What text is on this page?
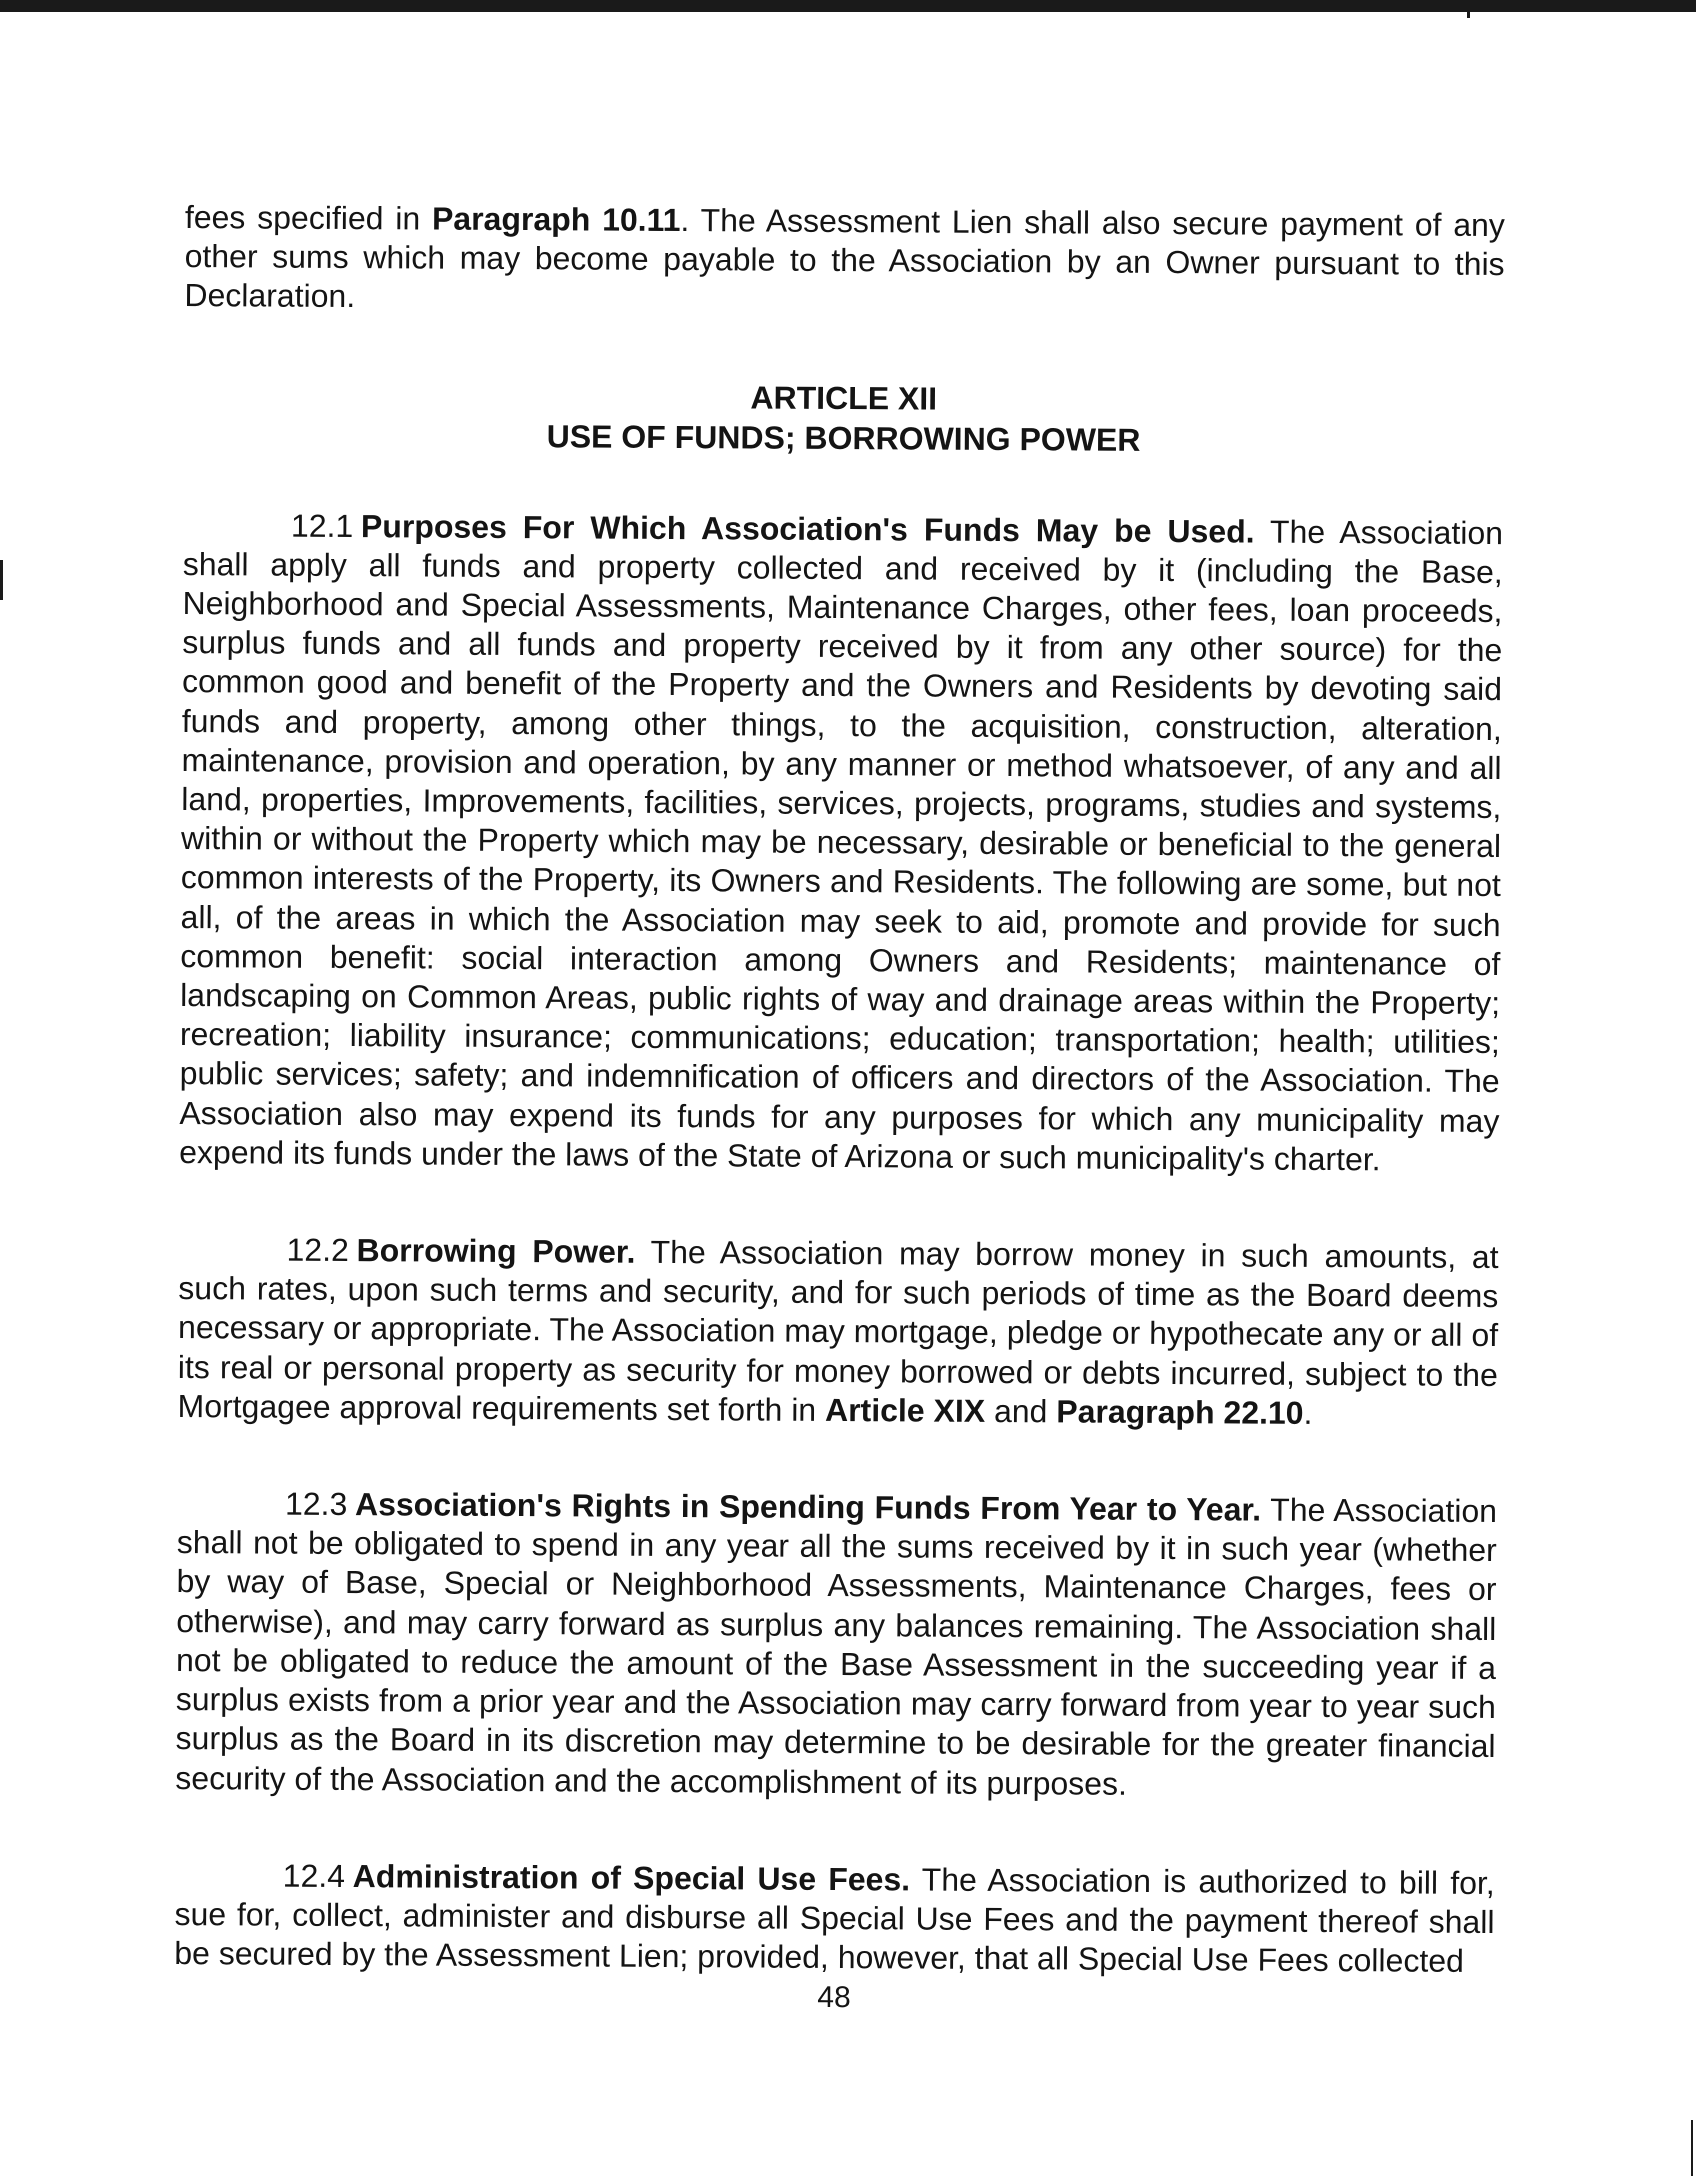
fees specified in Paragraph 10.11. The Assessment Lien shall also secure payment of any other sums which may become payable to the Association by an Owner pursuant to this Declaration.

ARTICLE XII
USE OF FUNDS; BORROWING POWER

12.1 Purposes For Which Association's Funds May be Used. The Association shall apply all funds and property collected and received by it (including the Base, Neighborhood and Special Assessments, Maintenance Charges, other fees, loan proceeds, surplus funds and all funds and property received by it from any other source) for the common good and benefit of the Property and the Owners and Residents by devoting said funds and property, among other things, to the acquisition, construction, alteration, maintenance, provision and operation, by any manner or method whatsoever, of any and all land, properties, Improvements, facilities, services, projects, programs, studies and systems, within or without the Property which may be necessary, desirable or beneficial to the general common interests of the Property, its Owners and Residents. The following are some, but not all, of the areas in which the Association may seek to aid, promote and provide for such common benefit: social interaction among Owners and Residents; maintenance of landscaping on Common Areas, public rights of way and drainage areas within the Property; recreation; liability insurance; communications; education; transportation; health; utilities; public services; safety; and indemnification of officers and directors of the Association. The Association also may expend its funds for any purposes for which any municipality may expend its funds under the laws of the State of Arizona or such municipality's charter.

12.2 Borrowing Power. The Association may borrow money in such amounts, at such rates, upon such terms and security, and for such periods of time as the Board deems necessary or appropriate. The Association may mortgage, pledge or hypothecate any or all of its real or personal property as security for money borrowed or debts incurred, subject to the Mortgagee approval requirements set forth in Article XIX and Paragraph 22.10.

12.3 Association's Rights in Spending Funds From Year to Year. The Association shall not be obligated to spend in any year all the sums received by it in such year (whether by way of Base, Special or Neighborhood Assessments, Maintenance Charges, fees or otherwise), and may carry forward as surplus any balances remaining. The Association shall not be obligated to reduce the amount of the Base Assessment in the succeeding year if a surplus exists from a prior year and the Association may carry forward from year to year such surplus as the Board in its discretion may determine to be desirable for the greater financial security of the Association and the accomplishment of its purposes.

12.4 Administration of Special Use Fees. The Association is authorized to bill for, sue for, collect, administer and disburse all Special Use Fees and the payment thereof shall be secured by the Assessment Lien; provided, however, that all Special Use Fees collected

48
